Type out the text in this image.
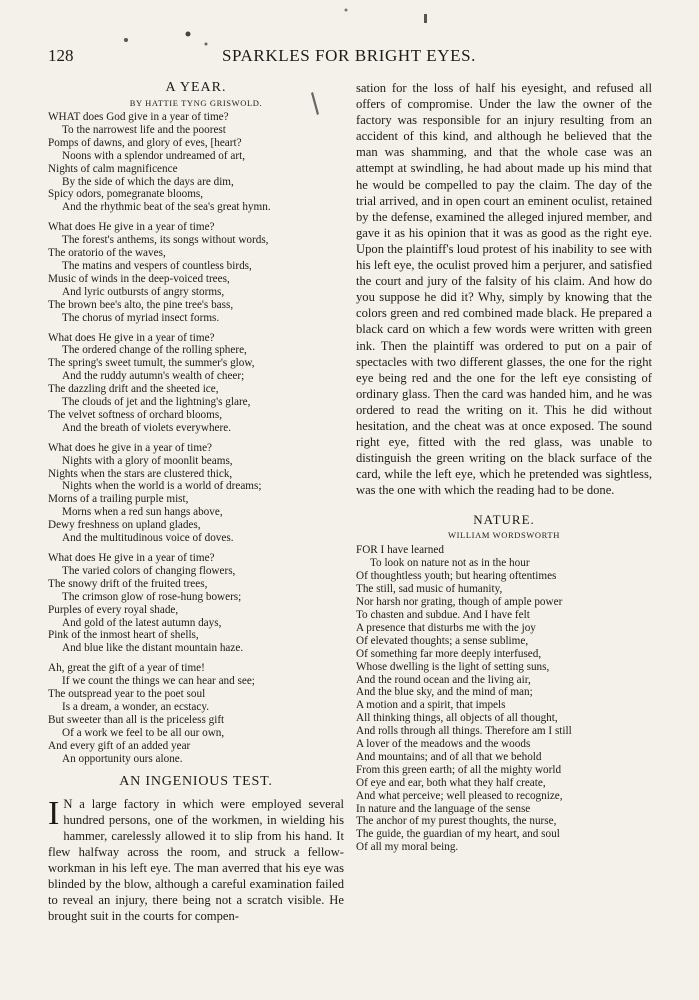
128	SPARKLES FOR BRIGHT EYES.
A YEAR.
BY HATTIE TYNG GRISWOLD.
WHAT does God give in a year of time?
To the narrowest life and the poorest
Pomps of dawns, and glory of eves, [heart?
Noons with a splendor undreamed of art,
Nights of calm magnificence
By the side of which the days are dim,
Spicy odors, pomegranate blooms,
And the rhythmic beat of the sea's great hymn.
What does He give in a year of time?
The forest's anthems, its songs without words,
The oratorio of the waves,
The matins and vespers of countless birds,
Music of winds in the deep-voiced trees,
And lyric outbursts of angry storms,
The brown bee's alto, the pine tree's bass,
The chorus of myriad insect forms.
What does He give in a year of time?
The ordered change of the rolling sphere,
The spring's sweet tumult, the summer's glow,
And the ruddy autumn's wealth of cheer;
The dazzling drift and the sheeted ice,
The clouds of jet and the lightning's glare,
The velvet softness of orchard blooms,
And the breath of violets everywhere.
What does he give in a year of time?
Nights with a glory of moonlit beams,
Nights when the stars are clustered thick,
Nights when the world is a world of dreams;
Morns of a trailing purple mist,
Morns when a red sun hangs above,
Dewy freshness on upland glades,
And the multitudinous voice of doves.
What does He give in a year of time?
The varied colors of changing flowers,
The snowy drift of the fruited trees,
The crimson glow of rose-hung bowers;
Purples of every royal shade,
And gold of the latest autumn days,
Pink of the inmost heart of shells,
And blue like the distant mountain haze.
Ah, great the gift of a year of time!
If we count the things we can hear and see;
The outspread year to the poet soul
Is a dream, a wonder, an ecstacy.
But sweeter than all is the priceless gift
Of a work we feel to be all our own,
And every gift of an added year
An opportunity ours alone.
AN INGENIOUS TEST.

I N a large factory in which were employed several hundred persons, one of the workmen, in wielding his hammer, carelessly allowed it to slip from his hand. It flew halfway across the room, and struck a fellow-workman in his left eye. The man averred that his eye was blinded by the blow, although a careful examination failed to reveal an injury, there being not a scratch visible. He brought suit in the courts for compen-

sation for the loss of half his eyesight, and refused all offers of compromise. Under the law the owner of the factory was responsible for an injury resulting from an accident of this kind, and although he believed that the man was shamming, and that the whole case was an attempt at swindling, he had about made up his mind that he would be compelled to pay the claim. The day of the trial arrived, and in open court an eminent oculist, retained by the defense, examined the alleged injured member, and gave it as his opinion that it was as good as the right eye. Upon the plaintiff's loud protest of his inability to see with his left eye, the oculist proved him a perjurer, and satisfied the court and jury of the falsity of his claim. And how do you suppose he did it? Why, simply by knowing that the colors green and red combined made black. He prepared a black card on which a few words were written with green ink. Then the plaintiff was ordered to put on a pair of spectacles with two different glasses, the one for the right eye being red and the one for the left eye consisting of ordinary glass. Then the card was handed him, and he was ordered to read the writing on it. This he did without hesitation, and the cheat was at once exposed. The sound right eye, fitted with the red glass, was unable to distinguish the green writing on the black surface of the card, while the left eye, which he pretended was sightless, was the one with which the reading had to be done.

NATURE.
WILLIAM WORDSWORTH
FOR I have learned
To look on nature not as in the hour
Of thoughtless youth; but hearing oftentimes
The still, sad music of humanity,
Nor harsh nor grating, though of ample power
To chasten and subdue. And I have felt
A presence that disturbs me with the joy
Of elevated thoughts; a sense sublime,
Of something far more deeply interfused,
Whose dwelling is the light of setting suns,
And the round ocean and the living air,
And the blue sky, and the mind of man;
A motion and a spirit, that impels
All thinking things, all objects of all thought,
And rolls through all things. Therefore am I still
A lover of the meadows and the woods
And mountains; and of all that we behold
From this green earth; of all the mighty world
Of eye and ear, both what they half create,
And what perceive; well pleased to recognize,
In nature and the language of the sense
The anchor of my purest thoughts, the nurse,
The guide, the guardian of my heart, and soul
Of all my moral being.
